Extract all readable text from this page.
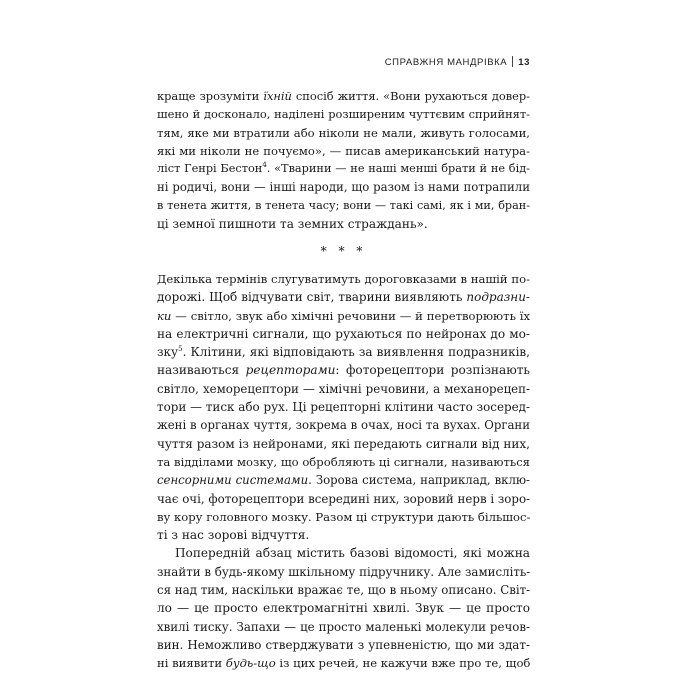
СПРАВЖНЯ МАНДРІВКА 13
краще зрозуміти їхній спосіб життя. «Вони рухаються довер-
шено й досконало, наділені розширеним чуттєвим сприйнят-
тям, яке ми втратили або ніколи не мали, живуть голосами,
які ми ніколи не почуємо», — писав американський натура-
ліст Генрі Бестон$^4$. «Тварини — не наші менші брати й не бід-
ні родичі, вони — інші народи, що разом із нами потрапили
в тенета життя, в тенета часу; вони — такі самі, як і ми, бран-
ці земної пишноти та земних страждань».
* * *
Декілька термінів слугуватимуть дороговказами в нашій по-
дорожі. Щоб відчувати світ, тварини виявляють подразни-
ки — світло, звук або хімічні речовини — й перетворюють їх
на електричні сигнали, що рухаються по нейронах до мо-
зку$^5$. Клітини, які відповідають за виявлення подразників,
називаються рецепторами: фоторецептори розпізнають
світло, хеморецептори — хімічні речовини, а механорецеп-
тори — тиск або рух. Ці рецепторні клітини часто зосеред-
жені в органах чуття, зокрема в очах, носі та вухах. Органи
чуття разом із нейронами, які передають сигнали від них,
та відділами мозку, що обробляють ці сигнали, називаються
сенсорними системами. Зорова система, наприклад, вклю-
чає очі, фоторецептори всередині них, зоровий нерв і зоро-
ву кору головного мозку. Разом ці структури дають більшос-
ті з нас зорові відчуття.
Попередній абзац містить базові відомості, які можна
знайти в будь-якому шкільному підручнику. Але замисліть-
ся над тим, наскільки вражає те, що в ньому описано. Світ-
ло — це просто електромагнітні хвилі. Звук — це просто
хвилі тиску. Запахи — це просто маленькі молекули речов-
вин. Неможливо стверджувати з упевненістю, що ми здат-
ні виявити будь-що із цих речей, не кажучи вже про те, щоб
